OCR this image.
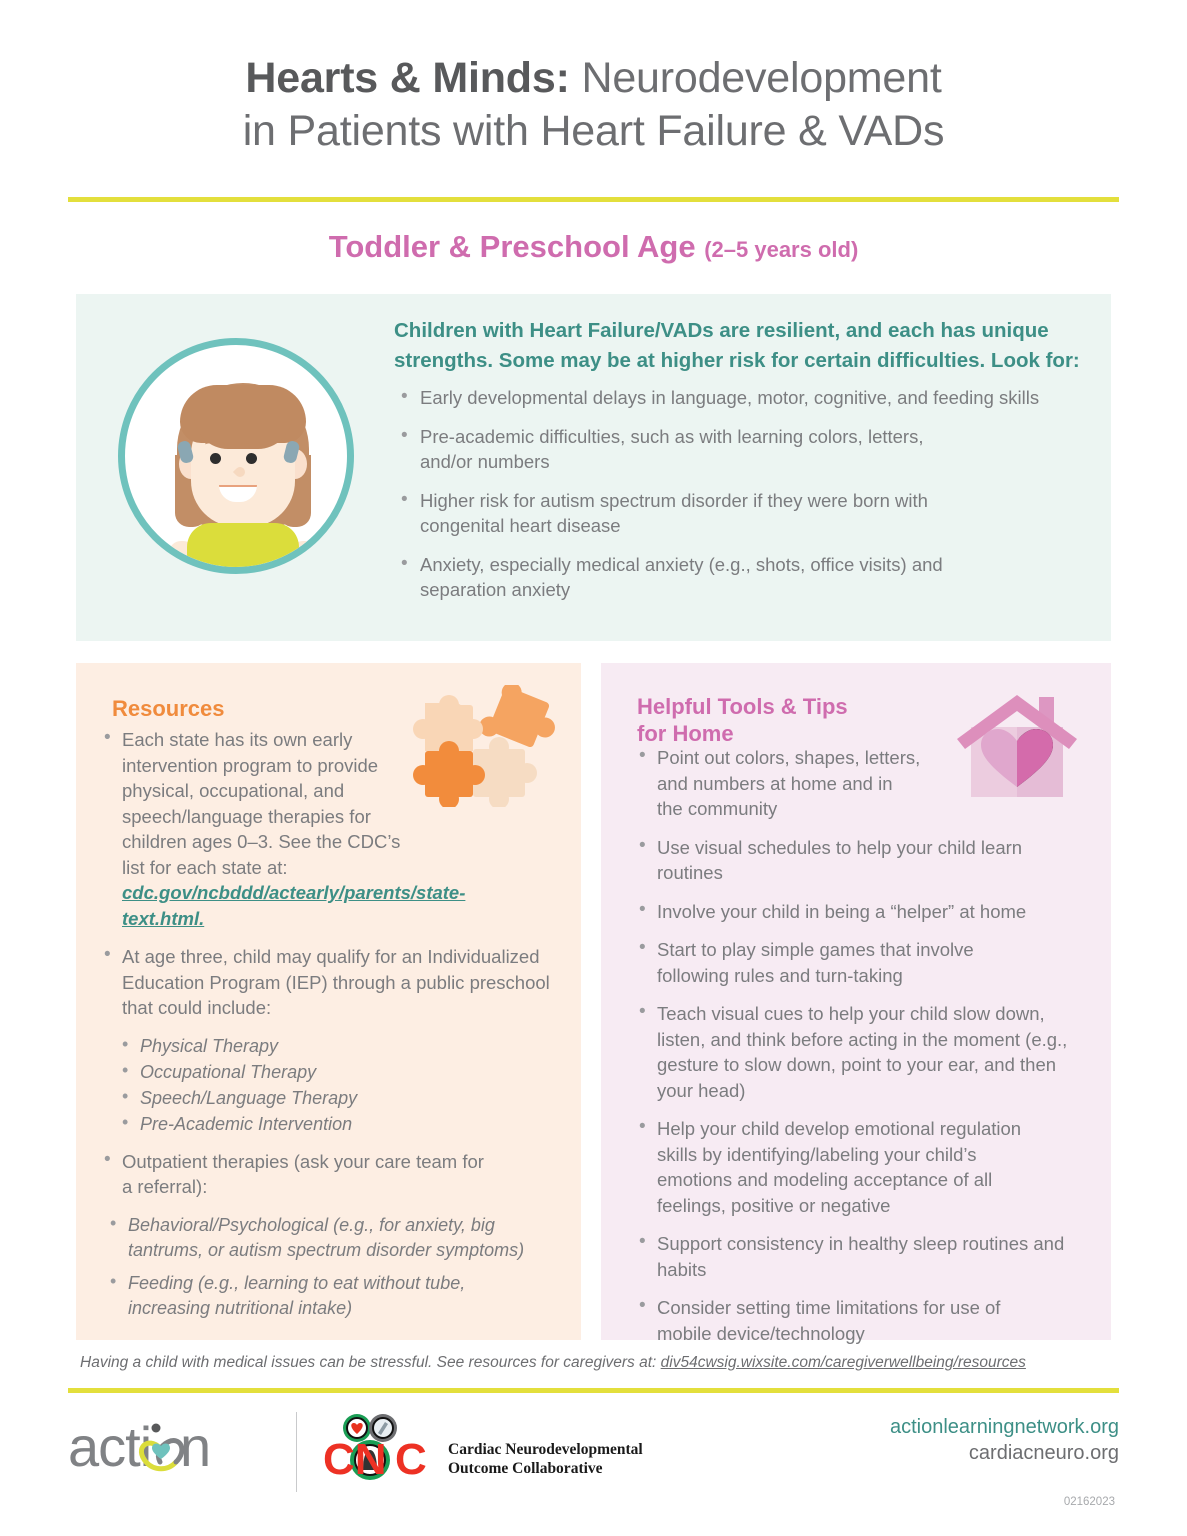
Hearts & Minds: Neurodevelopment
in Patients with Heart Failure & VADs
Toddler & Preschool Age (2–5 years old)
Children with Heart Failure/VADs are resilient, and each has unique strengths. Some may be at higher risk for certain difficulties. Look for:
• Early developmental delays in language, motor, cognitive, and feeding skills
• Pre-academic difficulties, such as with learning colors, letters, and/or numbers
• Higher risk for autism spectrum disorder if they were born with congenital heart disease
• Anxiety, especially medical anxiety (e.g., shots, office visits) and separation anxiety
Resources
• Each state has its own early intervention program to provide physical, occupational, and speech/language therapies for children ages 0–3. See the CDC’s list for each state at: cdc.gov/ncbddd/actearly/parents/state-text.html.
• At age three, child may qualify for an Individualized Education Program (IEP) through a public preschool that could include:
• Physical Therapy
• Occupational Therapy
• Speech/Language Therapy
• Pre-Academic Intervention
• Outpatient therapies (ask your care team for a referral):
• Behavioral/Psychological (e.g., for anxiety, big tantrums, or autism spectrum disorder symptoms)
• Feeding (e.g., learning to eat without tube, increasing nutritional intake)
Helpful Tools & Tips
for Home
• Point out colors, shapes, letters, and numbers at home and in the community
• Use visual schedules to help your child learn routines
• Involve your child in being a “helper” at home
• Start to play simple games that involve following rules and turn-taking
• Teach visual cues to help your child slow down, listen, and think before acting in the moment (e.g., gesture to slow down, point to your ear, and then your head)
• Help your child develop emotional regulation skills by identifying/labeling your child’s emotions and modeling acceptance of all feelings, positive or negative
• Support consistency in healthy sleep routines and habits
• Consider setting time limitations for use of mobile device/technology
Having a child with medical issues can be stressful. See resources for caregivers at: div54cwsig.wixsite.com/caregiverwellbeing/resources
acti n	CN C Cardiac Neurodevelopmental
Outcome Collaborative
actionlearningnetwork.org
cardiacneuro.org
02162023
